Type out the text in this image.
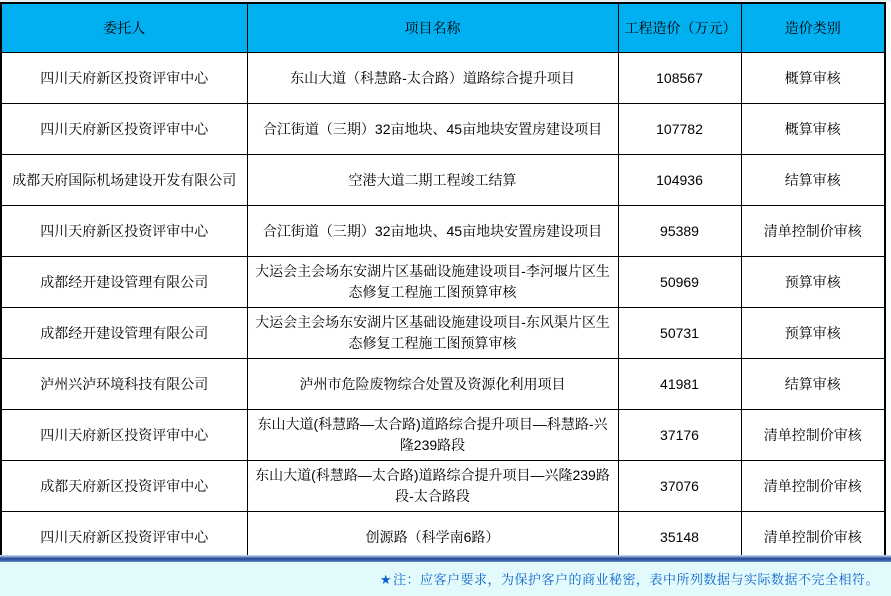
委托人	项目名称	工程造价（万元）	造价类别
四川天府新区投资评审中心	东山大道（科慧路-太合路）道路综合提升项目	108567	概算审核
四川天府新区投资评审中心	合江街道（三期）32亩地块、45亩地块安置房建设项目	107782	概算审核
成都天府国际机场建设开发有限公司	空港大道二期工程竣工结算	104936	结算审核
四川天府新区投资评审中心	合江街道（三期）32亩地块、45亩地块安置房建设项目	95389	清单控制价审核
成都经开建设管理有限公司	大运会主会场东安湖片区基础设施建设项目-李河堰片区生态修复工程施工图预算审核	50969	预算审核
成都经开建设管理有限公司	大运会主会场东安湖片区基础设施建设项目-东风渠片区生态修复工程施工图预算审核	50731	预算审核
泸州兴泸环境科技有限公司	泸州市危险废物综合处置及资源化利用项目	41981	结算审核
四川天府新区投资评审中心	东山大道(科慧路—太合路)道路综合提升项目—科慧路-兴隆239路段	37176	清单控制价审核
成都天府新区投资评审中心	东山大道(科慧路—太合路)道路综合提升项目—兴隆239路段-太合路段	37076	清单控制价审核
四川天府新区投资评审中心	创源路（科学南6路）	35148	清单控制价审核
★注：应客户要求，为保护客户的商业秘密，表中所列数据与实际数据不完全相符。
